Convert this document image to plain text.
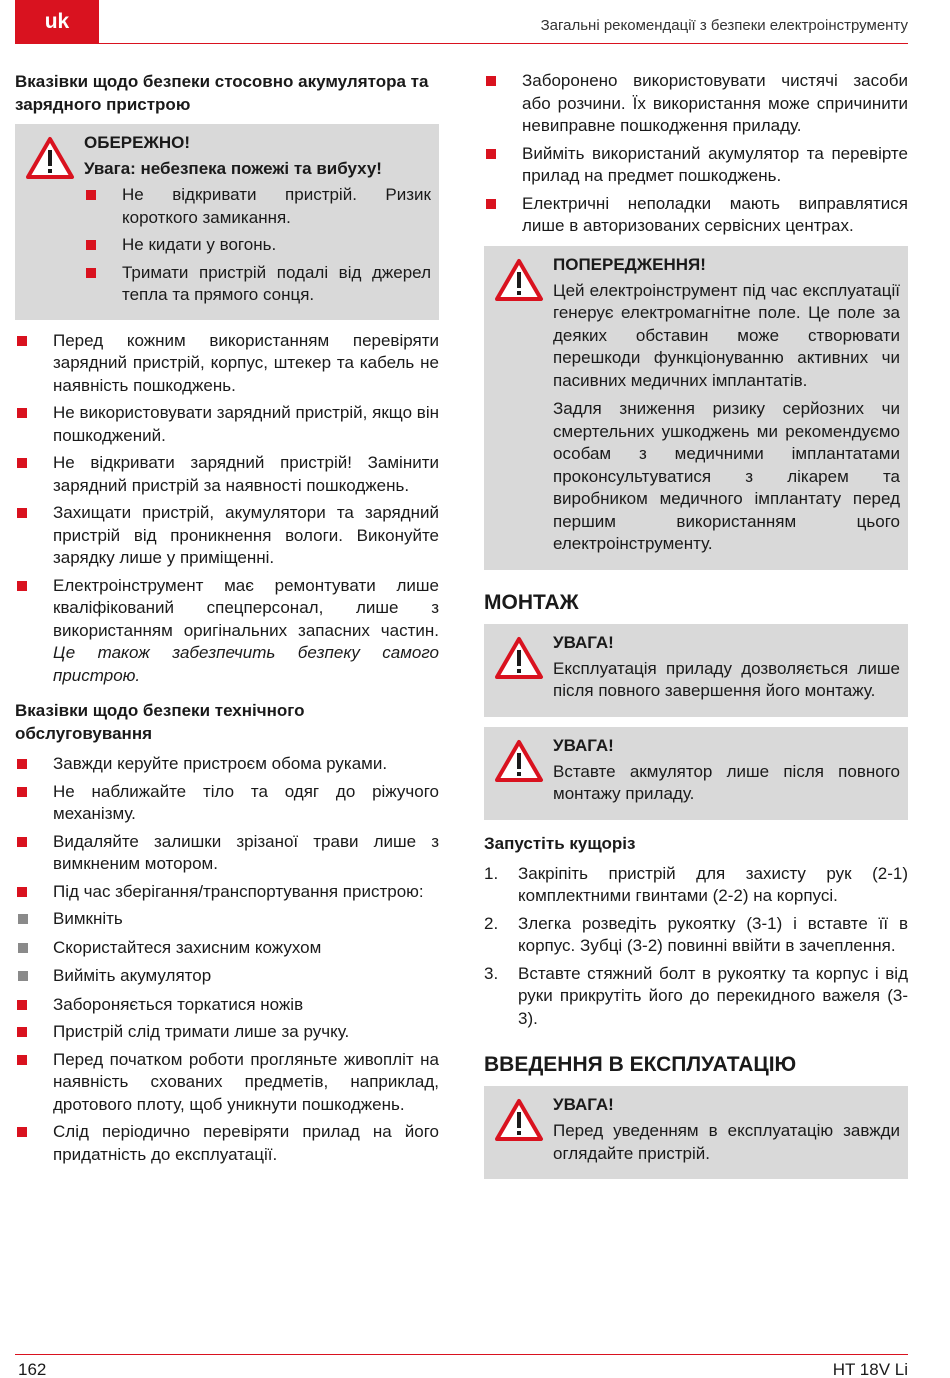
uk	Загальні рекомендації з безпеки електроінструменту
Вказівки щодо безпеки стосовно акумулятора та зарядного пристрою
ОБЕРЕЖНО!
Увага: небезпека пожежі та вибуху!
Не відкривати пристрій. Ризик короткого замикання.
Не кидати у вогонь.
Тримати пристрій подалі від джерел тепла та прямого сонця.
Перед кожним використанням перевіряти зарядний пристрій, корпус, штекер та кабель не наявність пошкоджень.
Не використовувати зарядний пристрій, якщо він пошкоджений.
Не відкривати зарядний пристрій! Замінити зарядний пристрій за наявності пошкоджень.
Захищати пристрій, акумулятори та зарядний пристрій від проникнення вологи. Виконуйте зарядку лише у приміщенні.
Електроінструмент має ремонтувати лише кваліфікований спецперсонал, лише з використанням оригінальних запасних частин. Це також забезпечить безпеку самого пристрою.
Вказівки щодо безпеки технічного обслуговування
Завжди керуйте пристроєм обома руками.
Не наближайте тіло та одяг до ріжучого механізму.
Видаляйте залишки зрізаної трави лише з вимкненим мотором.
Під час зберігання/транспортування пристрою:
Вимкніть
Скористайтеся захисним кожухом
Вийміть акумулятор
Забороняється торкатися ножів
Пристрій слід тримати лише за ручку.
Перед початком роботи прогляньте живопліт на наявність схованих предметів, наприклад, дротового плоту, щоб уникнути пошкоджень.
Слід періодично перевіряти прилад на його придатність до експлуатації.
Заборонено використовувати чистячі засоби або розчини. Їх використання може спричинити невиправне пошкодження приладу.
Вийміть використаний акумулятор та перевірте прилад на предмет пошкоджень.
Електричні неполадки мають виправлятися лише в авторизованих сервісних центрах.
ПОПЕРЕДЖЕННЯ!

Цей електроінструмент під час експлуатації генерує електромагнітне поле. Це поле за деяких обставин може створювати перешкоди функціонуванню активних чи пасивних медичних імплантатів.

Задля зниження ризику серйозних чи смертельних ушкоджень ми рекомендуємо особам з медичними імплантатами проконсультуватися з лікарем та виробником медичного імплантату перед першим використанням цього електроінструменту.

МОНТАЖ
УВАГА!

Експлуатація приладу дозволяється лише після повного завершення його монтажу.

УВАГА!

Вставте акмулятор лише після повного монтажу приладу.

Запустіть кущоріз
1. Закріпіть пристрій для захисту рук (2-1) комплектними гвинтами (2-2) на корпусі.
2. Злегка розведіть рукоятку (3-1) і вставте її в корпус. Зубці (3-2) повинні ввійти в зачеплення.
3. Вставте стяжний болт в рукоятку та корпус і від руки прикрутіть його до перекидного важеля (3-3).
ВВЕДЕННЯ В ЕКСПЛУАТАЦІЮ
УВАГА!

Перед уведенням в експлуатацію завжди оглядайте пристрій.

162	HT 18V Li
